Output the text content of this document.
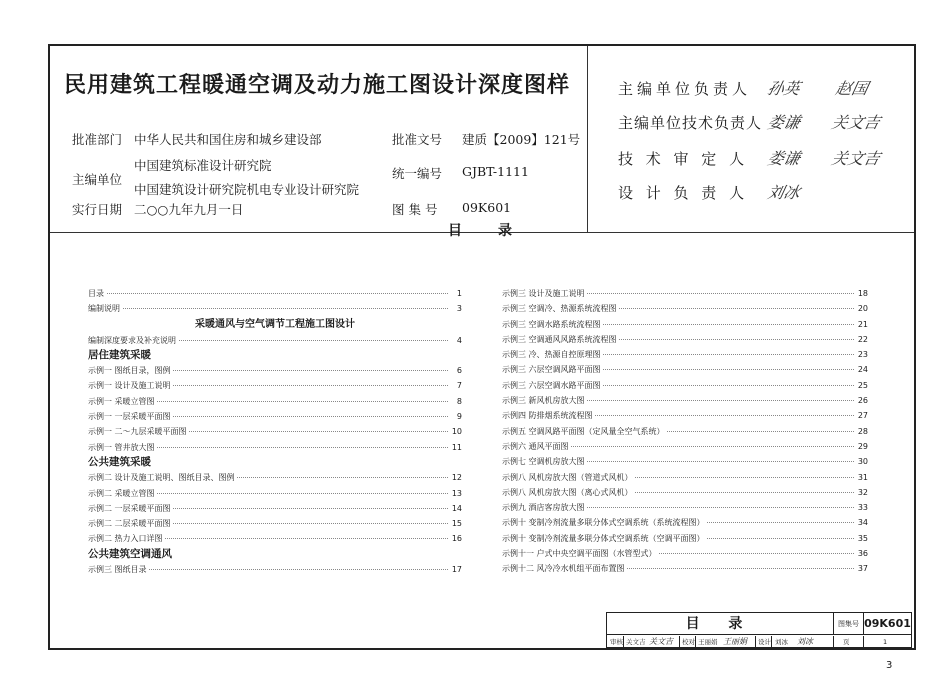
民用建筑工程暖通空调及动力施工图设计深度图样
批准部门 中华人民共和国住房和城乡建设部
主编单位
中国建筑标准设计研究院
中国建筑设计研究院机电专业设计研究院
实行日期 二○○九年九月一日
批准文号 建质【2009】121号
统一编号 GJBT-1111
图 集 号 09K601
主编单位负责人 孙英 赵国
主编单位技术负责人 娄谦 关文吉
技 术 审 定 人 娄谦 关文吉
设 计 负 责 人 刘冰
目	录
目录	1
编制说明	3
采暖通风与空气调节工程施工图设计
编制深度要求及补充说明	4
居住建筑采暖
示例一 图纸目录，图例	6
示例一 设计及施工说明	7
示例一 采暖立管图	8
示例一 一层采暖平面图	9
示例一 二～九层采暖平面图	10
示例一 管井放大图	11
公共建筑采暖
示例二 设计及施工说明、图纸目录、图例	12
示例二 采暖立管图	13
示例二 一层采暖平面图	14
示例二 二层采暖平面图	15
示例二 热力入口详图	16
公共建筑空调通风
示例三 图纸目录	17
示例三 设计及施工说明	18
示例三 空调冷、热源系统流程图	20
示例三 空调水路系统流程图	21
示例三 空调通风风路系统流程图	22
示例三 冷、热源自控原理图	23
示例三 六层空调风路平面图	24
示例三 六层空调水路平面图	25
示例三 新风机房放大图	26
示例四 防排烟系统流程图	27
示例五 空调风路平面图（定风量全空气系统）	28
示例六 通风平面图	29
示例七 空调机房放大图	30
示例八 风机房放大图（管道式风机）	31
示例八 风机房放大图（离心式风机）	32
示例九 酒店客房放大图	33
示例十 变制冷剂流量多联分体式空调系统（系统流程图）	34
示例十 变制冷剂流量多联分体式空调系统（空调平面图）	35
示例十一 户式中央空调平面图（水管型式）	36
示例十二 风冷冷水机组平面布置图	37
目 录	图集号 09K601
审核 关文吉 关文吉 校对 王丽娟 王丽娟 设计 刘冰 刘冰	页	1
3
